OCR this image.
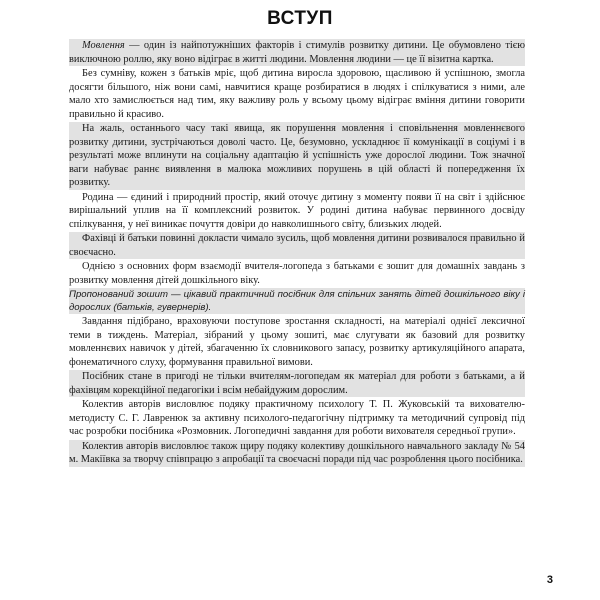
ВСТУП

Мовлення — один із найпотужніших факторів і стимулів розвитку дитини. Це обумовлено тією виключною роллю, яку воно відіграє в житті людини. Мовлення людини — це її візитна картка.

Без сумніву, кожен з батьків мріє, щоб дитина виросла здоровою, щасливою й успішною, змогла досягти більшого, ніж вони самі, навчитися краще розбиратися в людях і спілкуватися з ними, але мало хто замислюється над тим, яку важливу роль у всьому цьому відіграє вміння дитини говорити правильно й красиво.

На жаль, останнього часу такі явища, як порушення мовлення і сповільнення мовленнєвого розвитку дитини, зустрічаються доволі часто. Це, безумовно, ускладнює її комунікації в соціумі і в результаті може вплинути на соціальну адаптацію й успішність уже дорослої людини. Тож значної ваги набуває раннє виявлення в малюка можливих порушень в цій області й попередження їх розвитку.

Родина — єдиний і природний простір, який оточує дитину з моменту появи її на світ і здійснює вирішальний уплив на її комплексний розвиток. У родині дитина набуває первинного досвіду спілкування, у неї виникає почуття довіри до навколишнього світу, близьких людей.

Фахівці й батьки повинні докласти чимало зусиль, щоб мовлення дитини розвивалося правильно й своєчасно.

Однією з основних форм взаємодії вчителя-логопеда з батьками є зошит для домашніх завдань з розвитку мовлення дітей дошкільного віку.

Пропонований зошит — цікавий практичний посібник для спільних занять дітей дошкільного віку і дорослих (батьків, гувернерів).

Завдання підібрано, враховуючи поступове зростання складності, на матеріалі однієї лексичної теми в тиждень. Матеріал, зібраний у цьому зошиті, має слугувати як базовий для розвитку мовленнєвих навичок у дітей, збагаченню їх словникового запасу, розвитку артикуляційного апарата, фонематичного слуху, формування правильної вимови.

Посібник стане в пригоді не тільки вчителям-логопедам як матеріал для роботи з батьками, а й фахівцям корекційної педагогіки і всім небайдужим дорослим.

Колектив авторів висловлює подяку практичному психологу Т. П. Жуковській та вихователю-методисту С. Г. Лавренюк за активну психолого-педагогічну підтримку та методичний супровід під час розробки посібника «Розмовник. Логопедичні завдання для роботи вихователя середньої групи».

Колектив авторів висловлює також щиру подяку колективу дошкільного навчального закладу № 54 м. Макіївка за творчу співпрацю з апробації та своєчасні поради під час розроблення цього посібника.

3
